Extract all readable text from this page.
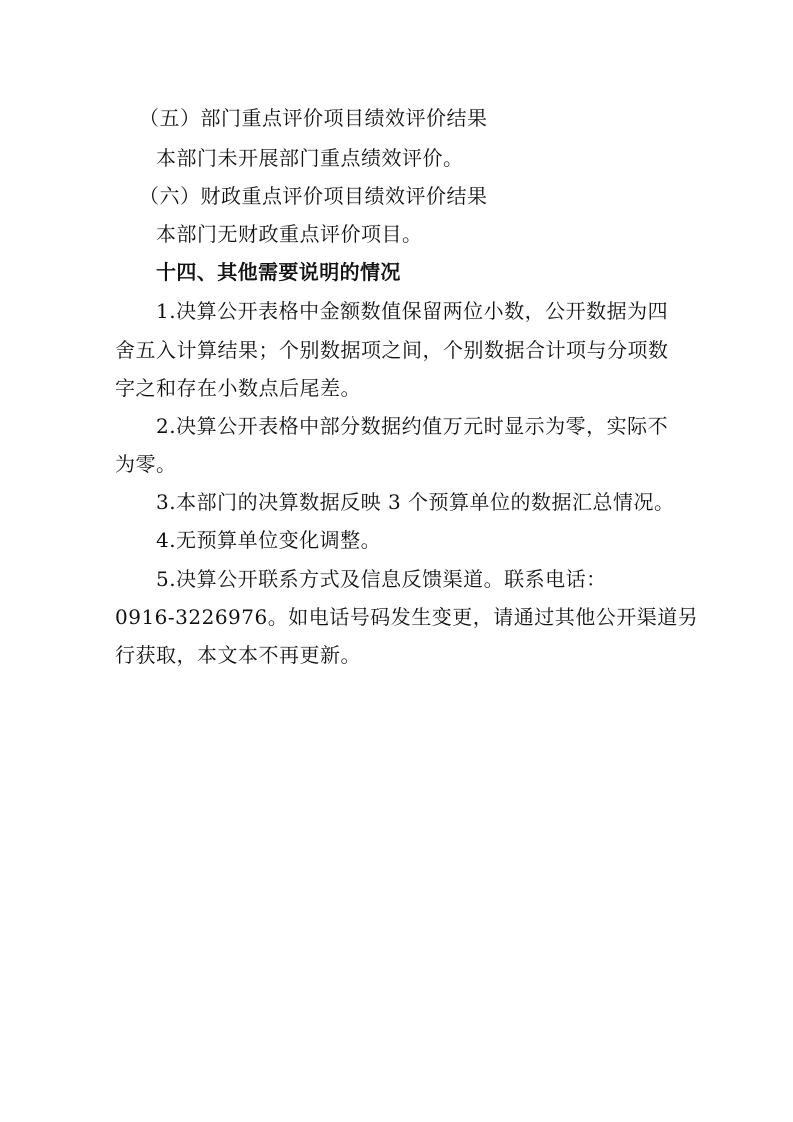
（五）部门重点评价项目绩效评价结果
本部门未开展部门重点绩效评价。
（六）财政重点评价项目绩效评价结果
本部门无财政重点评价项目。
十四、其他需要说明的情况
1.决算公开表格中金额数值保留两位小数，公开数据为四
舍五入计算结果；个别数据项之间，个别数据合计项与分项数
字之和存在小数点后尾差。
2.决算公开表格中部分数据约值万元时显示为零，实际不
为零。
3.本部门的决算数据反映 3 个预算单位的数据汇总情况。
4.无预算单位变化调整。
5.决算公开联系方式及信息反馈渠道。联系电话：
0916-3226976。如电话号码发生变更，请通过其他公开渠道另
行获取，本文本不再更新。
